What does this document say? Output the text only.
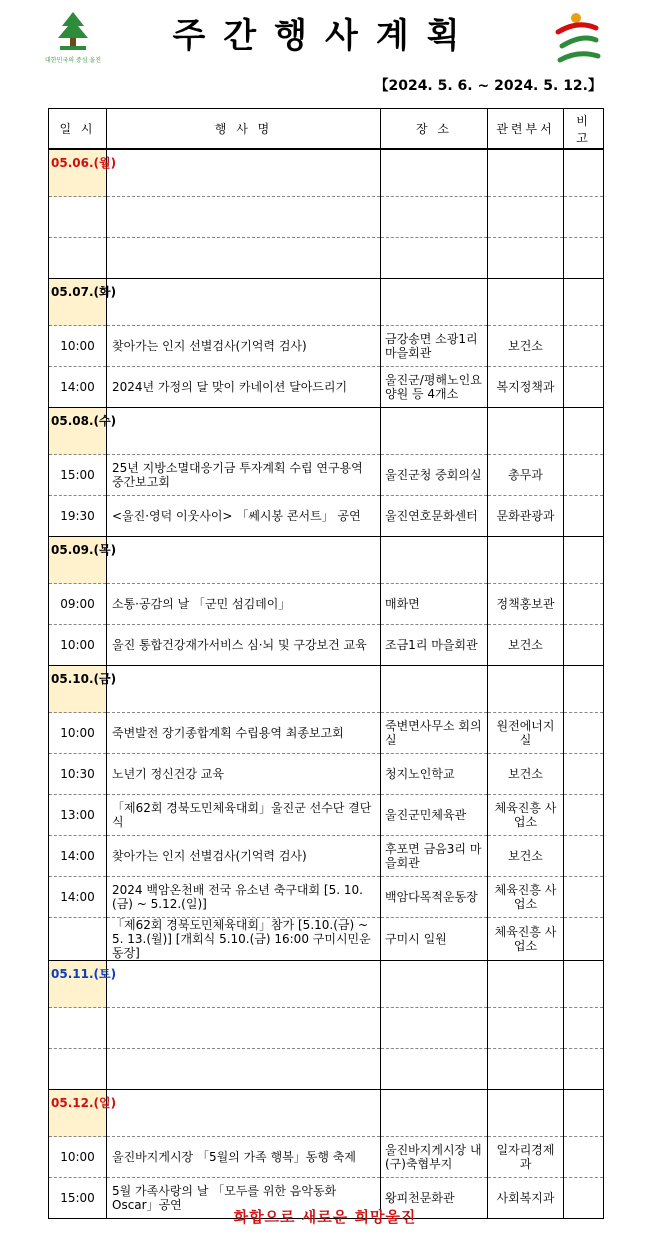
대한민국의 중심 울진
주간행사계획
【2024. 5. 6. ~ 2024. 5. 12.】
일 시	행 사 명	장 소	관련부서	비 고
05.06.(월)				

05.07.(화)				
10:00	찾아가는 인지 선별검사(기억력 검사)	금강송면 소광1리 마을회관	보건소	
14:00	2024년 가정의 달 맞이 카네이션 달아드리기	울진군/평해노인요양원 등 4개소	복지정책과	
05.08.(수)				
15:00	25년 지방소멸대응기금 투자계획 수립 연구용역 중간보고회	울진군청 중회의실	총무과	
19:30	<울진·영덕 이웃사이> 「쎄시봉 콘서트」 공연	울진연호문화센터	문화관광과	
05.09.(목)				
09:00	소통·공감의 날 「군민 섬김데이」	매화면	정책홍보관	
10:00	울진 통합건강재가서비스 심·뇌 및 구강보건 교육	조금1리 마을회관	보건소	
05.10.(금)				
10:00	죽변발전 장기종합계획 수립용역 최종보고회	죽변면사무소 회의실	원전에너지실	
10:30	노년기 정신건강 교육	청지노인학교	보건소	
13:00	「제62회 경북도민체육대회」울진군 선수단 결단식	울진군민체육관	체육진흥 사업소	
14:00	찾아가는 인지 선별검사(기억력 검사)	후포면 금음3리 마을회관	보건소	
14:00	2024 백암온천배 전국 유소년 축구대회 [5. 10.(금) ~ 5.12.(일)]	백암다목적운동장	체육진흥 사업소	
	「제62회 경북도민체육대회」참가 [5.10.(금) ~ 5. 13.(월)] [개회식 5.10.(금) 16:00 구미시민운동장]	구미시 일원	체육진흥 사업소	
05.11.(토)				

05.12.(일)				
10:00	울진바지게시장 「5월의 가족 행복」동행 축제	울진바지게시장 내 (구)축협부지	일자리경제과	
15:00	5월 가족사랑의 날 「모두를 위한 음악동화 Oscar」공연	왕피천문화관	사회복지과	
화합으로 새로운 희망울진
